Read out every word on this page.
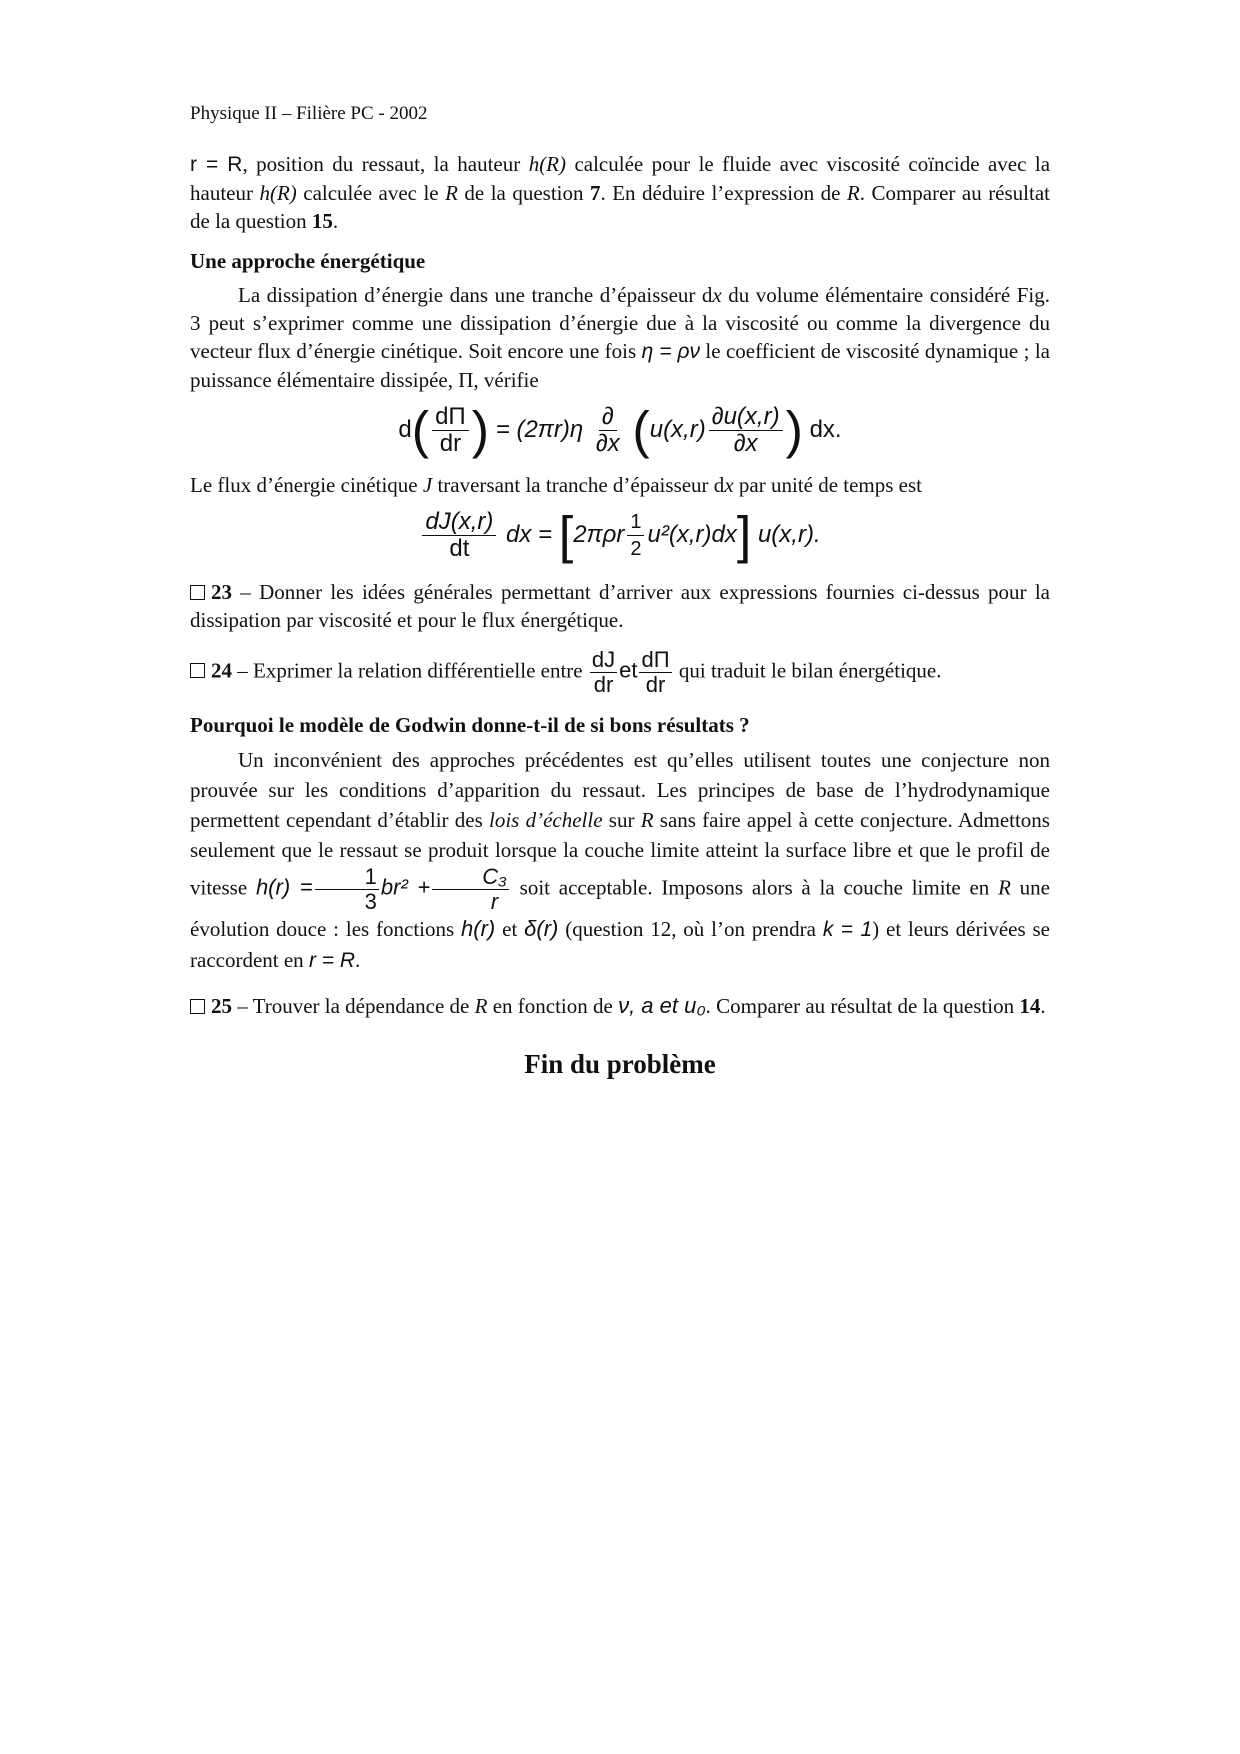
Physique II – Filière PC - 2002

r = R, position du ressaut, la hauteur h(R) calculée pour le fluide avec viscosité coïncide avec la hauteur h(R) calculée avec le R de la question 7. En déduire l’expression de R. Comparer au résultat de la question 15.

Une approche énergétique

La dissipation d’énergie dans une tranche d’épaisseur dx du volume élémentaire considéré Fig. 3 peut s’exprimer comme une dissipation d’énergie due à la viscosité ou comme la divergence du vecteur flux d’énergie cinétique. Soit encore une fois η = ρν le coefficient de viscosité dynamique ; la puissance élémentaire dissipée, Π, vérifie

$d( \frac{d\Pi}{dr}$ ) = $(2\pi r)\eta \frac{\partial}{\partial x} (u(x,r) \frac{\partial u(x,r)}{\partial x}$ ) dx.

Le flux d’énergie cinétique J traversant la tranche d’épaisseur dx par unité de temps est

$\frac{dJ(x,r)}{dt}$ dx = $[2\pi\rho r \frac{1}{2} u^2(x,r)dx]$ u(x,r).

23 – Donner les idées générales permettant d’arriver aux expressions fournies ci-dessus pour la dissipation par viscosité et pour le flux énergétique.

24 – Exprimer la relation différentielle entre $\frac{dJ}{dr}$ et $\frac{d\Pi}{dr}$ qui traduit le bilan énergétique.

Pourquoi le modèle de Godwin donne-t-il de si bons résultats ?

Un inconvénient des approches précédentes est qu’elles utilisent toutes une conjecture non prouvée sur les conditions d’apparition du ressaut. Les principes de base de l’hydrodynamique permettent cependant d’établir des lois d’échelle sur R sans faire appel à cette conjecture. Admettons seulement que le ressaut se produit lorsque la couche limite atteint la surface libre et que le profil de vitesse $h(r) = \frac{1}{3} br^2 + \frac{\text{C₃}}{r}$ soit acceptable. Imposons alors à la couche limite en R une évolution douce : les fonctions h(r) et δ(r) (question 12, où l’on prendra k = 1) et leurs dérivées se raccordent en r = R.

25 – Trouver la dépendance de R en fonction de ν, a et u₀. Comparer au résultat de la question 14.

Fin du problème
